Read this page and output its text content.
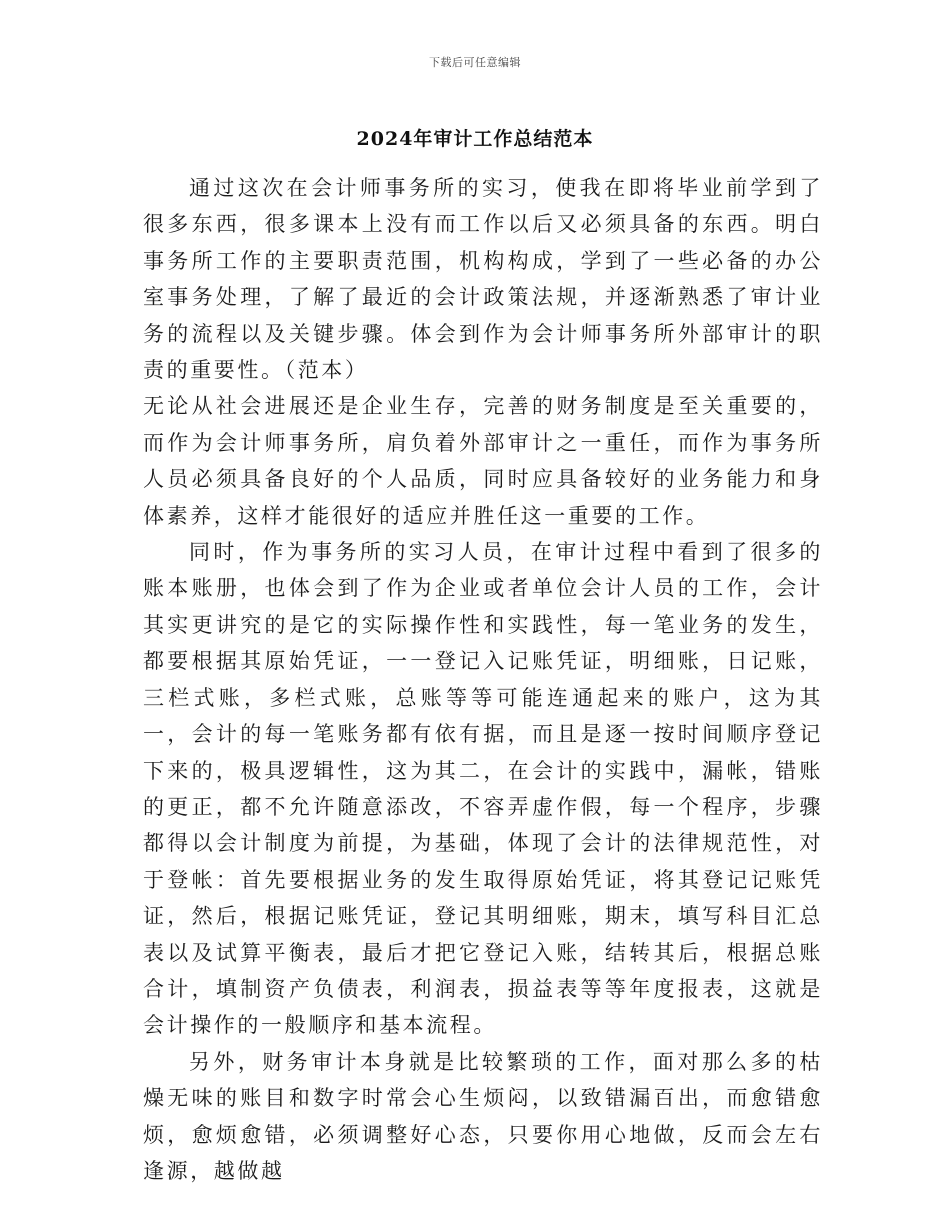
下载后可任意编辑
2024年审计工作总结范本

通过这次在会计师事务所的实习，使我在即将毕业前学到了很多东西，很多课本上没有而工作以后又必须具备的东西。明白事务所工作的主要职责范围，机构构成，学到了一些必备的办公室事务处理，了解了最近的会计政策法规，并逐渐熟悉了审计业务的流程以及关键步骤。体会到作为会计师事务所外部审计的职责的重要性。（范本）

无论从社会进展还是企业生存，完善的财务制度是至关重要的，而作为会计师事务所，肩负着外部审计之一重任，而作为事务所人员必须具备良好的个人品质，同时应具备较好的业务能力和身体素养，这样才能很好的适应并胜任这一重要的工作。

同时，作为事务所的实习人员，在审计过程中看到了很多的账本账册，也体会到了作为企业或者单位会计人员的工作，会计其实更讲究的是它的实际操作性和实践性，每一笔业务的发生，都要根据其原始凭证，一一登记入记账凭证，明细账，日记账，三栏式账，多栏式账，总账等等可能连通起来的账户，这为其一，会计的每一笔账务都有依有据，而且是逐一按时间顺序登记下来的，极具逻辑性，这为其二，在会计的实践中，漏帐，错账的更正，都不允许随意添改，不容弄虚作假，每一个程序，步骤都得以会计制度为前提，为基础，体现了会计的法律规范性，对于登帐：首先要根据业务的发生取得原始凭证，将其登记记账凭证，然后，根据记账凭证，登记其明细账，期末，填写科目汇总表以及试算平衡表，最后才把它登记入账，结转其后，根据总账合计，填制资产负债表，利润表，损益表等等年度报表，这就是会计操作的一般顺序和基本流程。

另外，财务审计本身就是比较繁琐的工作，面对那么多的枯燥无味的账目和数字时常会心生烦闷，以致错漏百出，而愈错愈烦，愈烦愈错，必须调整好心态，只要你用心地做，反而会左右逢源，越做越
